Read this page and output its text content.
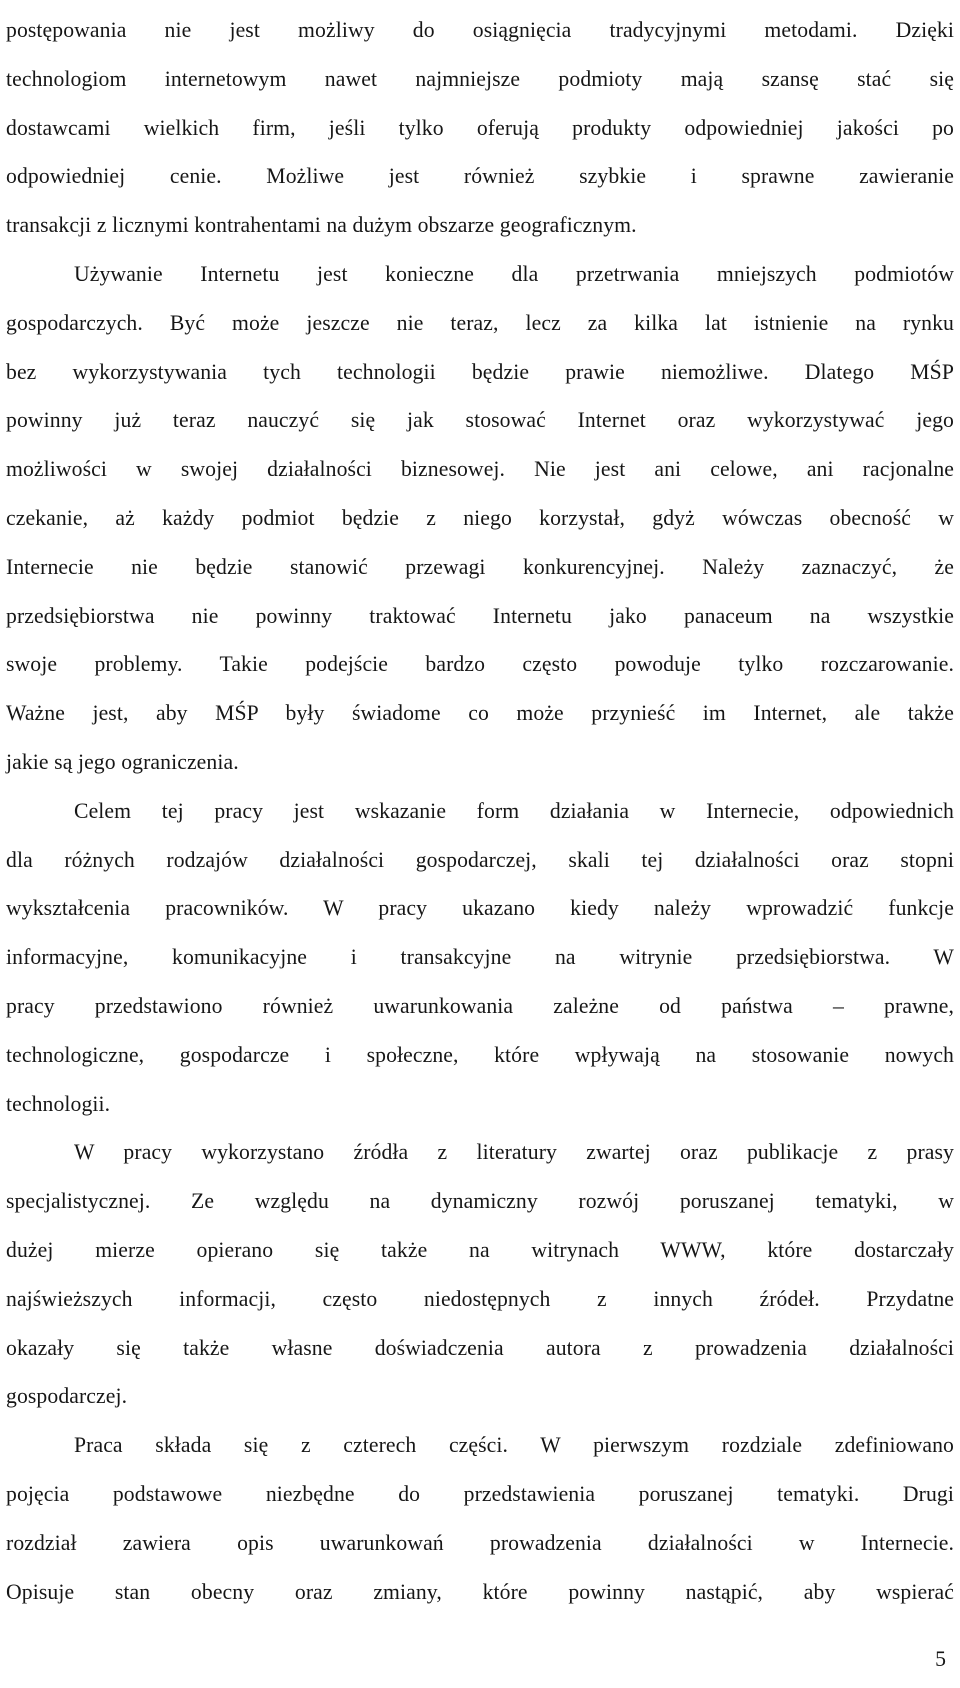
postępowania nie jest możliwy do osiągnięcia tradycyjnymi metodami. Dzięki
technologiom internetowym nawet najmniejsze podmioty mają szansę stać się
dostawcami wielkich firm, jeśli tylko oferują produkty odpowiedniej jakości po
odpowiedniej cenie. Możliwe jest również szybkie i sprawne zawieranie
transakcji z licznymi kontrahentami na dużym obszarze geograficznym.
Używanie Internetu jest konieczne dla przetrwania mniejszych podmiotów
gospodarczych. Być może jeszcze nie teraz, lecz za kilka lat istnienie na rynku
bez wykorzystywania tych technologii będzie prawie niemożliwe. Dlatego MŚP
powinny już teraz nauczyć się jak stosować Internet oraz wykorzystywać jego
możliwości w swojej działalności biznesowej. Nie jest ani celowe, ani racjonalne
czekanie, aż każdy podmiot będzie z niego korzystał, gdyż wówczas obecność w
Internecie nie będzie stanowić przewagi konkurencyjnej. Należy zaznaczyć, że
przedsiębiorstwa nie powinny traktować Internetu jako panaceum na wszystkie
swoje problemy. Takie podejście bardzo często powoduje tylko rozczarowanie.
Ważne jest, aby MŚP były świadome co może przynieść im Internet, ale także
jakie są jego ograniczenia.
Celem tej pracy jest wskazanie form działania w Internecie, odpowiednich
dla różnych rodzajów działalności gospodarczej, skali tej działalności oraz stopni
wykształcenia pracowników. W pracy ukazano kiedy należy wprowadzić funkcje
informacyjne, komunikacyjne i transakcyjne na witrynie przedsiębiorstwa. W
pracy przedstawiono również uwarunkowania zależne od państwa – prawne,
technologiczne, gospodarcze i społeczne, które wpływają na stosowanie nowych
technologii.
W pracy wykorzystano źródła z literatury zwartej oraz publikacje z prasy
specjalistycznej. Ze względu na dynamiczny rozwój poruszanej tematyki, w
dużej mierze opierano się także na witrynach WWW, które dostarczały
najświeższych informacji, często niedostępnych z innych źródeł. Przydatne
okazały się także własne doświadczenia autora z prowadzenia działalności
gospodarczej.
Praca składa się z czterech części. W pierwszym rozdziale zdefiniowano
pojęcia podstawowe niezbędne do przedstawienia poruszanej tematyki. Drugi
rozdział zawiera opis uwarunkowań prowadzenia działalności w Internecie.
Opisuje stan obecny oraz zmiany, które powinny nastąpić, aby wspierać
5
